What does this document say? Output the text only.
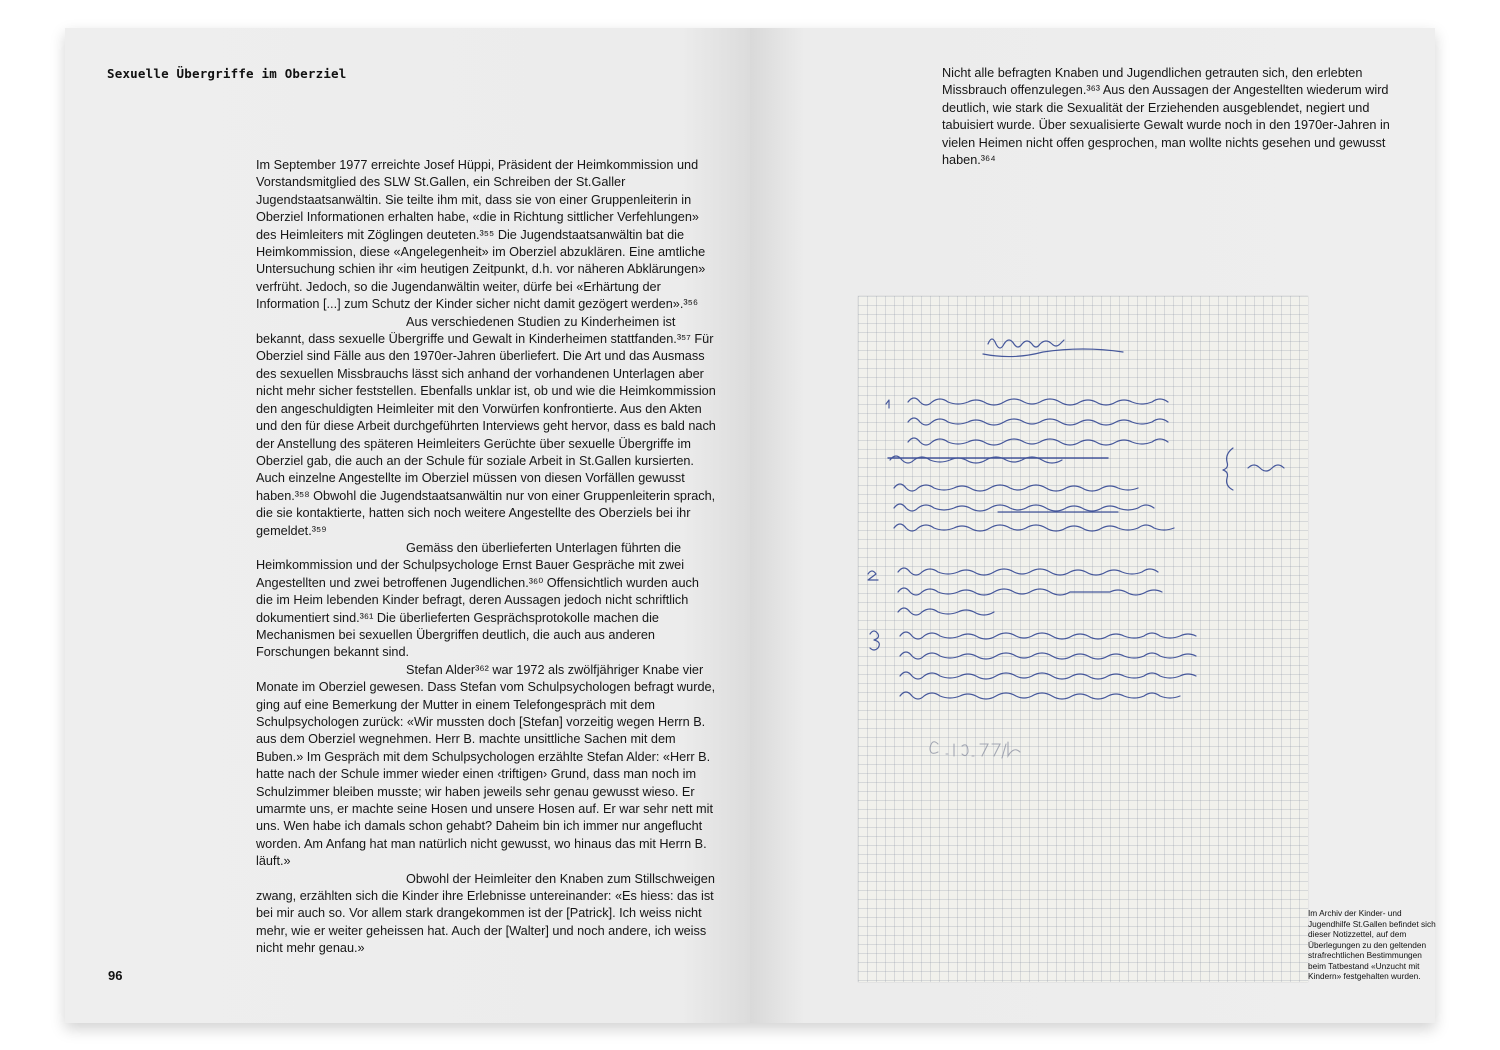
Sexuelle Übergriffe im Oberziel

Im September 1977 erreichte Josef Hüppi, Präsident der Heimkommission und Vorstandsmitglied des SLW St.Gallen, ein Schreiben der St.Galler Jugendstaatsanwältin. Sie teilte ihm mit, dass sie von einer Gruppenleiterin in Oberziel Informationen erhalten habe, «die in Richtung sittlicher Verfehlungen» des Heimleiters mit Zöglingen deuteten.³⁵⁵ Die Jugendstaatsanwältin bat die Heimkommission, diese «Angelegenheit» im Oberziel abzuklären. Eine amtliche Untersuchung schien ihr «im heutigen Zeitpunkt, d.h. vor näheren Abklärungen» verfrüht. Jedoch, so die Jugendanwältin weiter, dürfe bei «Erhärtung der Information [...] zum Schutz der Kinder sicher nicht damit gezögert werden».³⁵⁶

Aus verschiedenen Studien zu Kinderheimen ist bekannt, dass sexuelle Übergriffe und Gewalt in Kinderheimen stattfanden.³⁵⁷ Für Oberziel sind Fälle aus den 1970er-Jahren überliefert. Die Art und das Ausmass des sexuellen Missbrauchs lässt sich anhand der vorhandenen Unterlagen aber nicht mehr sicher feststellen. Ebenfalls unklar ist, ob und wie die Heimkommission den angeschuldigten Heimleiter mit den Vorwürfen konfrontierte. Aus den Akten und den für diese Arbeit durchgeführten Interviews geht hervor, dass es bald nach der Anstellung des späteren Heimleiters Gerüchte über sexuelle Übergriffe im Oberziel gab, die auch an der Schule für soziale Arbeit in St.Gallen kursierten. Auch einzelne Angestellte im Oberziel müssen von diesen Vorfällen gewusst haben.³⁵⁸ Obwohl die Jugendstaatsanwältin nur von einer Gruppenleiterin sprach, die sie kontaktierte, hatten sich noch weitere Angestellte des Oberziels bei ihr gemeldet.³⁵⁹

Gemäss den überlieferten Unterlagen führten die Heimkommission und der Schulpsychologe Ernst Bauer Gespräche mit zwei Angestellten und zwei betroffenen Jugendlichen.³⁶⁰ Offensichtlich wurden auch die im Heim lebenden Kinder befragt, deren Aussagen jedoch nicht schriftlich dokumentiert sind.³⁶¹ Die überlieferten Gesprächsprotokolle machen die Mechanismen bei sexuellen Übergriffen deutlich, die auch aus anderen Forschungen bekannt sind.

Stefan Alder³⁶² war 1972 als zwölfjähriger Knabe vier Monate im Oberziel gewesen. Dass Stefan vom Schulpsychologen befragt wurde, ging auf eine Bemerkung der Mutter in einem Telefongespräch mit dem Schulpsychologen zurück: «Wir mussten doch [Stefan] vorzeitig wegen Herrn B. aus dem Oberziel wegnehmen. Herr B. machte unsittliche Sachen mit dem Buben.» Im Gespräch mit dem Schulpsychologen erzählte Stefan Alder: «Herr B. hatte nach der Schule immer wieder einen ‹triftigen› Grund, dass man noch im Schulzimmer bleiben musste; wir haben jeweils sehr genau gewusst wieso. Er umarmte uns, er machte seine Hosen und unsere Hosen auf. Er war sehr nett mit uns. Wen habe ich damals schon gehabt? Daheim bin ich immer nur angeflucht worden. Am Anfang hat man natürlich nicht gewusst, wo hinaus das mit Herrn B. läuft.»

Obwohl der Heimleiter den Knaben zum Stillschweigen zwang, erzählten sich die Kinder ihre Erlebnisse untereinander: «Es hiess: das ist bei mir auch so. Vor allem stark drangekommen ist der [Patrick]. Ich weiss nicht mehr, wie er weiter geheissen hat. Auch der [Walter] und noch andere, ich weiss nicht mehr genau.»

96

Nicht alle befragten Knaben und Jugendlichen getrauten sich, den erlebten Missbrauch offenzulegen.³⁶³ Aus den Aussagen der Angestellten wiederum wird deutlich, wie stark die Sexualität der Erziehenden ausgeblendet, negiert und tabuisiert wurde. Über sexualisierte Gewalt wurde noch in den 1970er-Jahren in vielen Heimen nicht offen gesprochen, man wollte nichts gesehen und gewusst haben.³⁶⁴

Im Archiv der Kinder- und Jugendhilfe St.Gallen befindet sich dieser Notizzettel, auf dem Überlegungen zu den geltenden strafrechtlichen Bestimmungen beim Tatbestand «Unzucht mit Kindern» festgehalten wurden.
